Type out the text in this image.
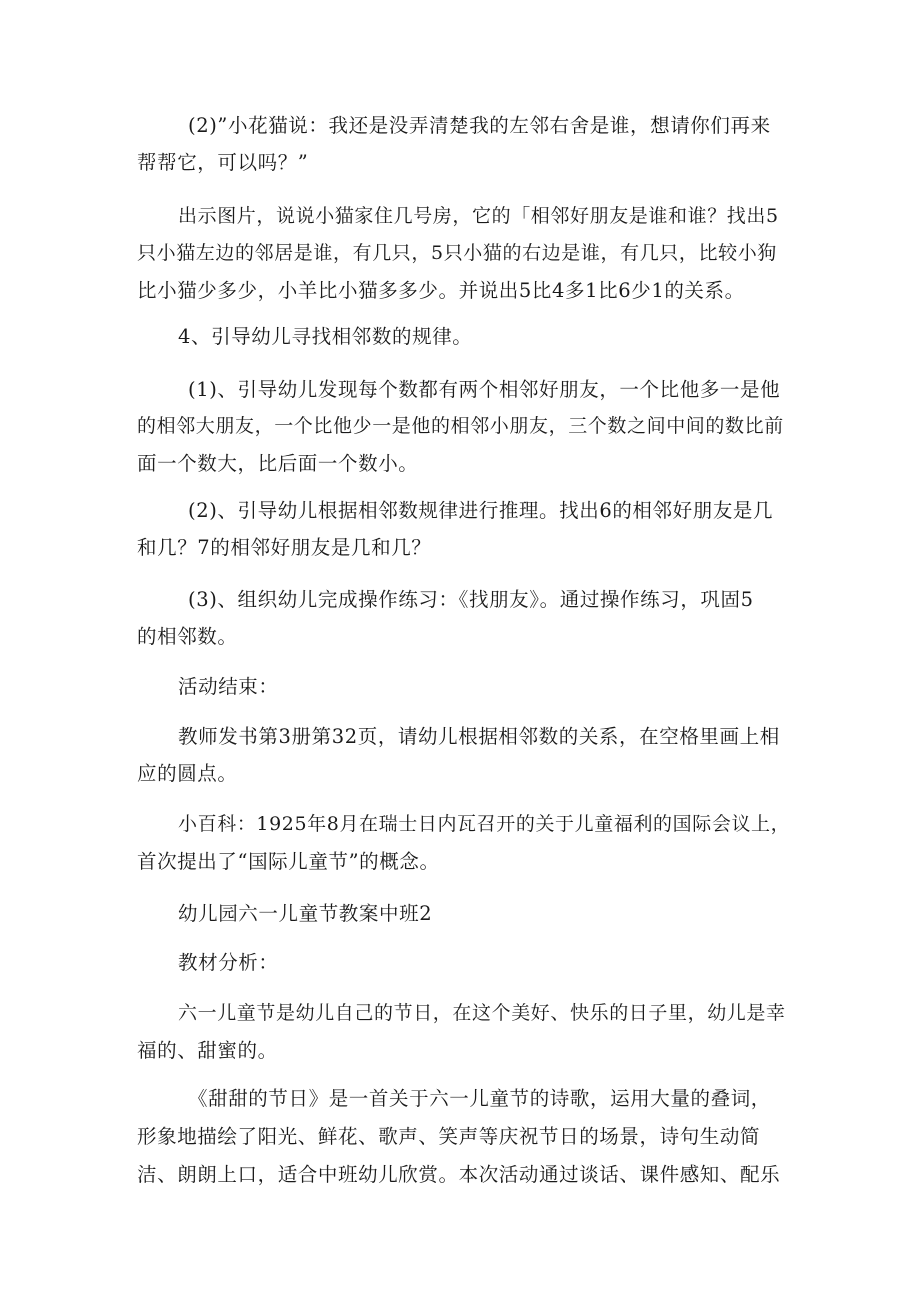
(2)”小花猫说：我还是没弄清楚我的左邻右舍是谁，想请你们再来
帮帮它，可以吗？”
出示图片，说说小猫家住几号房，它的「相邻好朋友是谁和谁？找出5
只小猫左边的邻居是谁，有几只，5只小猫的右边是谁，有几只，比较小狗
比小猫少多少，小羊比小猫多多少。并说出5比4多1比6少1的关系。
4、引导幼儿寻找相邻数的规律。
(1)、引导幼儿发现每个数都有两个相邻好朋友，一个比他多一是他
的相邻大朋友，一个比他少一是他的相邻小朋友，三个数之间中间的数比前
面一个数大，比后面一个数小。
(2)、引导幼儿根据相邻数规律进行推理。找出6的相邻好朋友是几
和几？7的相邻好朋友是几和几？
(3)、组织幼儿完成操作练习：《找朋友》。通过操作练习，巩固5
的相邻数。
活动结束：
教师发书第3册第32页，请幼儿根据相邻数的关系，在空格里画上相
应的圆点。
小百科：1925年8月在瑞士日内瓦召开的关于儿童福利的国际会议上，
首次提出了“国际儿童节”的概念。
幼儿园六一儿童节教案中班2
教材分析：
六一儿童节是幼儿自己的节日，在这个美好、快乐的日子里，幼儿是幸
福的、甜蜜的。
《甜甜的节日》是一首关于六一儿童节的诗歌，运用大量的叠词，
形象地描绘了阳光、鲜花、歌声、笑声等庆祝节日的场景，诗句生动简
洁、朗朗上口，适合中班幼儿欣赏。本次活动通过谈话、课件感知、配乐
